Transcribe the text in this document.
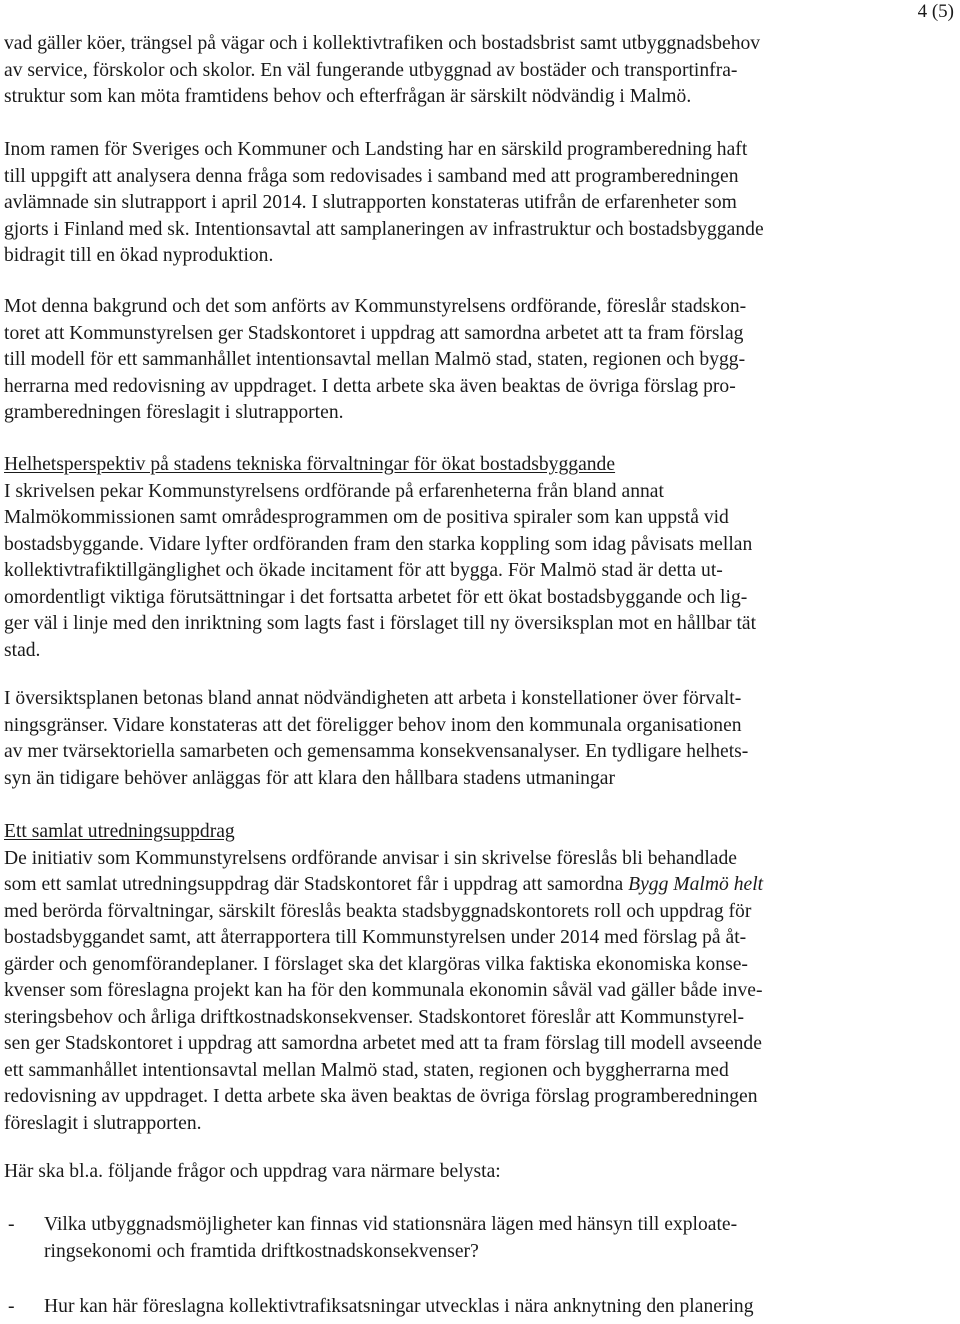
4 (5)
vad gäller köer, trängsel på vägar och i kollektivtrafiken och bostadsbrist samt utbyggnadsbehov
av service, förskolor och skolor. En väl fungerande utbyggnad av bostäder och transportinfra-
struktur som kan möta framtidens behov och efterfrågan är särskilt nödvändig i Malmö.
Inom ramen för Sveriges och Kommuner och Landsting har en särskild programberedning haft
till uppgift att analysera denna fråga som redovisades i samband med att programberedningen
avlämnade sin slutrapport i april 2014. I slutrapporten konstateras utifrån de erfarenheter som
gjorts i Finland med sk. Intentionsavtal att samplaneringen av infrastruktur och bostadsbyggande
bidragit till en ökad nyproduktion.
Mot denna bakgrund och det som anförts av Kommunstyrelsens ordförande, föreslår stadskon-
toret att Kommunstyrelsen ger Stadskontoret i uppdrag att samordna arbetet att ta fram förslag
till modell för ett sammanhållet intentionsavtal mellan Malmö stad, staten, regionen och bygg-
herrarna med redovisning av uppdraget. I detta arbete ska även beaktas de övriga förslag pro-
gramberedningen föreslagit i slutrapporten.
Helhetsperspektiv på stadens tekniska förvaltningar för ökat bostadsbyggande
I skrivelsen pekar Kommunstyrelsens ordförande på erfarenheterna från bland annat
Malmökommissionen samt områdesprogrammen om de positiva spiraler som kan uppstå vid
bostadsbyggande. Vidare lyfter ordföranden fram den starka koppling som idag påvisats mellan
kollektivtrafiktillgänglighet och ökade incitament för att bygga. För Malmö stad är detta ut-
omordentligt viktiga förutsättningar i det fortsatta arbetet för ett ökat bostadsbyggande och lig-
ger väl i linje med den inriktning som lagts fast i förslaget till ny översiksplan mot en hållbar tät
stad.
I översiktsplanen betonas bland annat nödvändigheten att arbeta i konstellationer över förvalt-
ningsgränser. Vidare konstateras att det föreligger behov inom den kommunala organisationen
av mer tvärsektoriella samarbeten och gemensamma konsekvensanalyser. En tydligare helhets-
syn än tidigare behöver anläggas för att klara den hållbara stadens utmaningar
Ett samlat utredningsuppdrag
De initiativ som Kommunstyrelsens ordförande anvisar i sin skrivelse föreslås bli behandlade
som ett samlat utredningsuppdrag där Stadskontoret får i uppdrag att samordna Bygg Malmö helt
med berörda förvaltningar, särskilt föreslås beakta stadsbyggnadskontorets roll och uppdrag för
bostadsbyggandet samt, att återrapportera till Kommunstyrelsen under 2014 med förslag på åt-
gärder och genomförandeplaner. I förslaget ska det klargöras vilka faktiska ekonomiska konse-
kvenser som föreslagna projekt kan ha för den kommunala ekonomin såväl vad gäller både inve-
steringsbehov och årliga driftkostnadskonsekvenser. Stadskontoret föreslår att Kommunstyrel-
sen ger Stadskontoret i uppdrag att samordna arbetet med att ta fram förslag till modell avseende
ett sammanhållet intentionsavtal mellan Malmö stad, staten, regionen och byggherrarna med
redovisning av uppdraget. I detta arbete ska även beaktas de övriga förslag programberedningen
föreslagit i slutrapporten.
Här ska bl.a. följande frågor och uppdrag vara närmare belysta:
- Vilka utbyggnadsmöjligheter kan finnas vid stationsnära lägen med hänsyn till exploate-
ringsekonomi och framtida driftkostnadskonsekvenser?
- Hur kan här föreslagna kollektivtrafiksatsningar utvecklas i nära anknytning den planering
